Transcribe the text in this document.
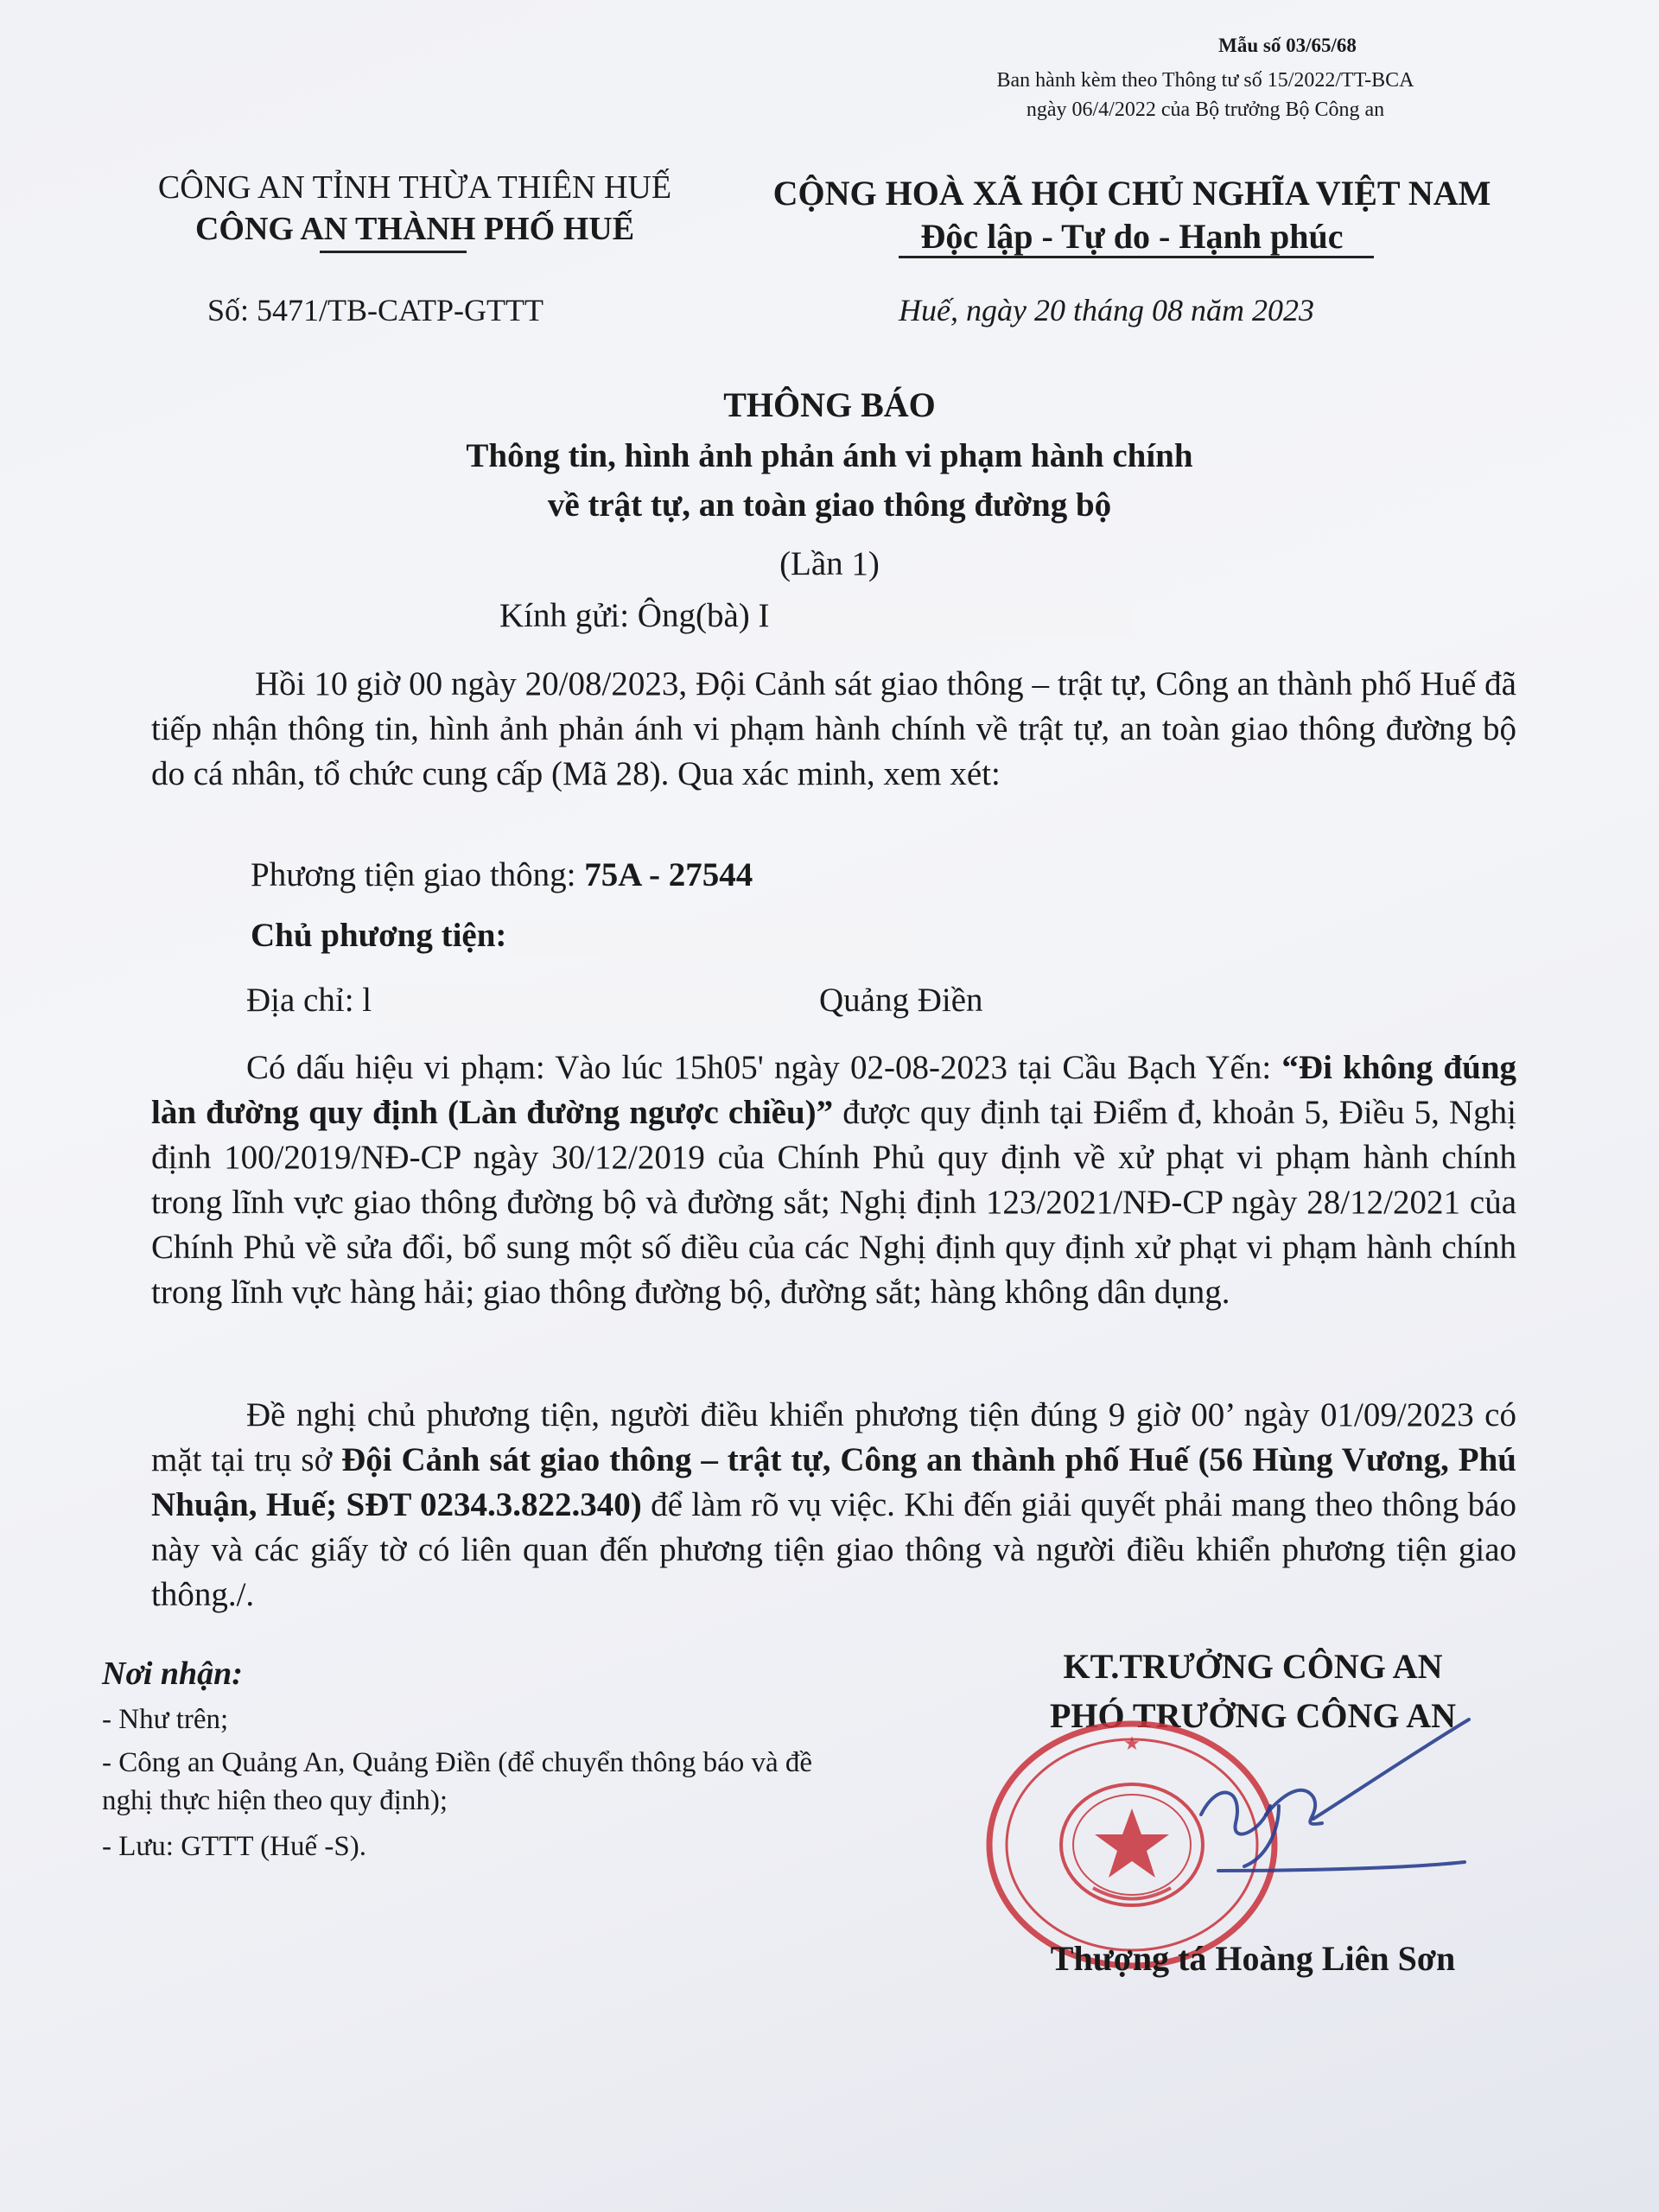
Mẫu số 03/65/68
Ban hành kèm theo Thông tư số 15/2022/TT-BCA
ngày 06/4/2022 của Bộ trưởng Bộ Công an
CÔNG AN TỈNH THỪA THIÊN HUẾ
CÔNG AN THÀNH PHỐ HUẾ
CỘNG HOÀ XÃ HỘI CHỦ NGHĨA VIỆT NAM
Độc lập - Tự do - Hạnh phúc
Số: 5471/TB-CATP-GTTT	Huế, ngày 20 tháng 08 năm 2023
THÔNG BÁO
Thông tin, hình ảnh phản ánh vi phạm hành chính
về trật tự, an toàn giao thông đường bộ
(Lần 1)
Kính gửi: Ông(bà) I
Hồi 10 giờ 00 ngày 20/08/2023, Đội Cảnh sát giao thông – trật tự, Công an thành phố Huế đã tiếp nhận thông tin, hình ảnh phản ánh vi phạm hành chính về trật tự, an toàn giao thông đường bộ do cá nhân, tổ chức cung cấp (Mã 28). Qua xác minh, xem xét:
Phương tiện giao thông: 75A - 27544
Chủ phương tiện:
Địa chỉ: l	Quảng Điền
Có dấu hiệu vi phạm: Vào lúc 15h05' ngày 02-08-2023 tại Cầu Bạch Yến: “Đi không đúng làn đường quy định (Làn đường ngược chiều)” được quy định tại Điểm đ, khoản 5, Điều 5, Nghị định 100/2019/NĐ-CP ngày 30/12/2019 của Chính Phủ quy định về xử phạt vi phạm hành chính trong lĩnh vực giao thông đường bộ và đường sắt; Nghị định 123/2021/NĐ-CP ngày 28/12/2021 của Chính Phủ về sửa đổi, bổ sung một số điều của các Nghị định quy định xử phạt vi phạm hành chính trong lĩnh vực hàng hải; giao thông đường bộ, đường sắt; hàng không dân dụng.
Đề nghị chủ phương tiện, người điều khiển phương tiện đúng 9 giờ 00’ ngày 01/09/2023 có mặt tại trụ sở Đội Cảnh sát giao thông – trật tự, Công an thành phố Huế (56 Hùng Vương, Phú Nhuận, Huế; SĐT 0234.3.822.340) để làm rõ vụ việc. Khi đến giải quyết phải mang theo thông báo này và các giấy tờ có liên quan đến phương tiện giao thông và người điều khiển phương tiện giao thông./.
Nơi nhận:
- Như trên;
- Công an Quảng An, Quảng Điền (để chuyển thông báo và đề nghị thực hiện theo quy định);
- Lưu: GTTT (Huế -S).
KT.TRƯỞNG CÔNG AN
PHÓ TRƯỞNG CÔNG AN
★
Thượng tá Hoàng Liên Sơn
